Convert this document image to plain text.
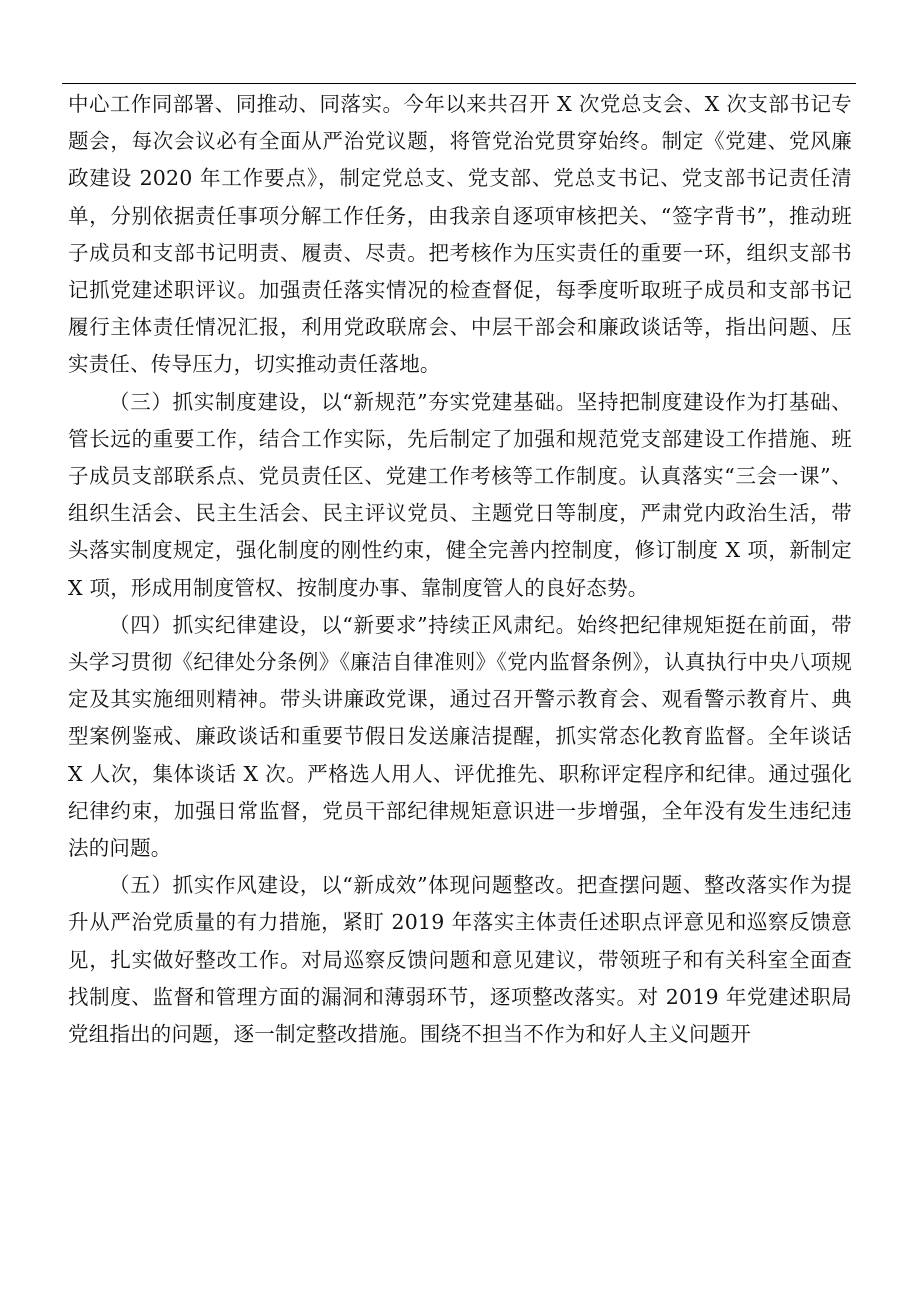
中心工作同部署、同推动、同落实。今年以来共召开 X 次党总支会、X 次支部书记专题会，每次会议必有全面从严治党议题，将管党治党贯穿始终。制定《党建、党风廉政建设 2020 年工作要点》，制定党总支、党支部、党总支书记、党支部书记责任清单，分别依据责任事项分解工作任务，由我亲自逐项审核把关、“签字背书”，推动班子成员和支部书记明责、履责、尽责。把考核作为压实责任的重要一环，组织支部书记抓党建述职评议。加强责任落实情况的检查督促，每季度听取班子成员和支部书记履行主体责任情况汇报，利用党政联席会、中层干部会和廉政谈话等，指出问题、压实责任、传导压力，切实推动责任落地。

（三）抓实制度建设，以“新规范”夯实党建基础。坚持把制度建设作为打基础、管长远的重要工作，结合工作实际，先后制定了加强和规范党支部建设工作措施、班子成员支部联系点、党员责任区、党建工作考核等工作制度。认真落实“三会一课”、组织生活会、民主生活会、民主评议党员、主题党日等制度，严肃党内政治生活，带头落实制度规定，强化制度的刚性约束，健全完善内控制度，修订制度 X 项，新制定 X 项，形成用制度管权、按制度办事、靠制度管人的良好态势。

（四）抓实纪律建设，以“新要求”持续正风肃纪。始终把纪律规矩挺在前面，带头学习贯彻《纪律处分条例》《廉洁自律准则》《党内监督条例》，认真执行中央八项规定及其实施细则精神。带头讲廉政党课，通过召开警示教育会、观看警示教育片、典型案例鉴戒、廉政谈话和重要节假日发送廉洁提醒，抓实常态化教育监督。全年谈话 X 人次，集体谈话 X 次。严格选人用人、评优推先、职称评定程序和纪律。通过强化纪律约束，加强日常监督，党员干部纪律规矩意识进一步增强，全年没有发生违纪违法的问题。

（五）抓实作风建设，以“新成效”体现问题整改。把查摆问题、整改落实作为提升从严治党质量的有力措施，紧盯 2019 年落实主体责任述职点评意见和巡察反馈意见，扎实做好整改工作。对局巡察反馈问题和意见建议，带领班子和有关科室全面查找制度、监督和管理方面的漏洞和薄弱环节，逐项整改落实。对 2019 年党建述职局党组指出的问题，逐一制定整改措施。围绕不担当不作为和好人主义问题开
